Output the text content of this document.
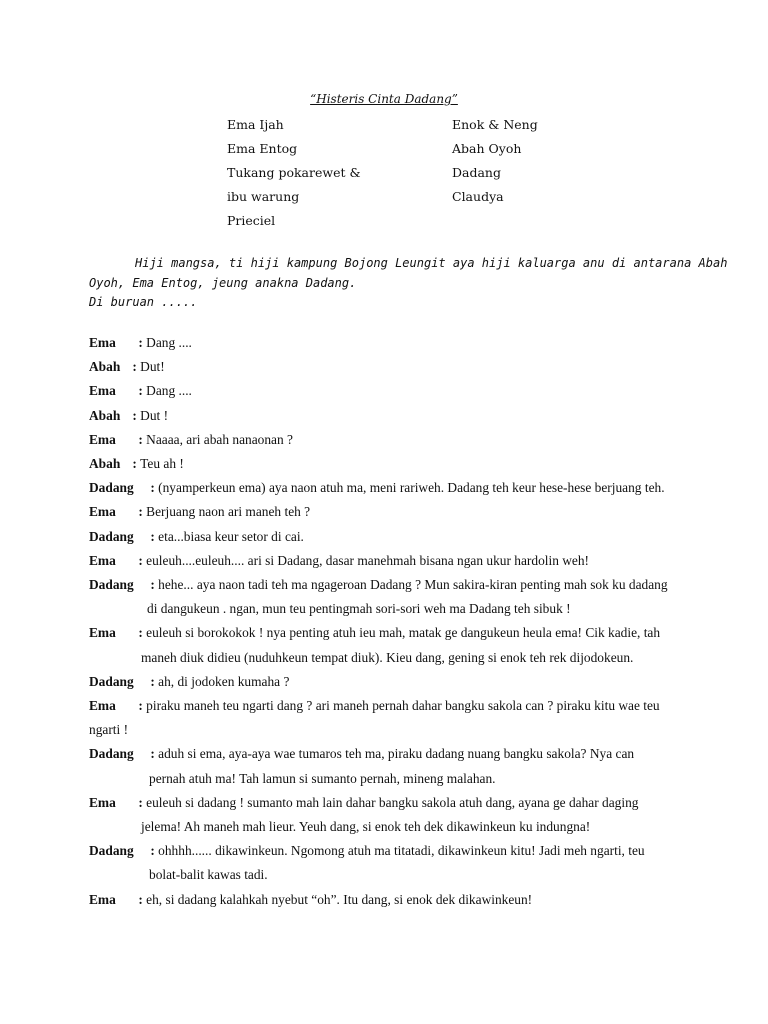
“Histeris Cinta Dadang”
Ema Ijah
Ema Entog
Tukang pokarewet &
ibu warung
Prieciel
Enok & Neng
Abah Oyoh
Dadang
Claudya
Hiji mangsa, ti hiji kampung Bojong Leungit aya hiji kaluarga anu di antarana Abah
Oyoh, Ema Entog, jeung anakna Dadang.
Di buruan .....
Ema : Dang ....
Abah : Dut!
Ema : Dang ....
Abah : Dut !
Ema : Naaaa, ari abah nanaonan ?
Abah : Teu ah !
Dadang : (nyamperkeun ema) aya naon atuh ma, meni rariweh. Dadang teh keur hese-hese berjuang teh.
Ema : Berjuang naon ari maneh teh ?
Dadang : eta...biasa keur setor di cai.
Ema : euleuh....euleuh.... ari si Dadang, dasar manehmah bisana ngan ukur hardolin weh!
Dadang : hehe... aya naon tadi teh ma ngageroan Dadang ? Mun sakira-kiran penting mah sok ku dadang
di dangukeun . ngan, mun teu pentingmah sori-sori weh ma Dadang teh sibuk !
Ema : euleuh si borokokok ! nya penting atuh ieu mah, matak ge dangukeun heula ema! Cik kadie, tah
maneh diuk didieu (nuduhkeun tempat diuk). Kieu dang, gening si enok teh rek dijodokeun.
Dadang : ah, di jodoken kumaha ?
Ema : piraku maneh teu ngarti dang ? ari maneh pernah dahar bangku sakola can ? piraku kitu wae teu
ngarti !
Dadang : aduh si ema, aya-aya wae tumaros teh ma, piraku dadang nuang bangku sakola? Nya can
pernah atuh ma! Tah lamun si sumanto pernah, mineng malahan.
Ema : euleuh si dadang ! sumanto mah lain dahar bangku sakola atuh dang, ayana ge dahar daging
jelema! Ah maneh mah lieur. Yeuh dang, si enok teh dek dikawinkeun ku indungna!
Dadang : ohhhh...... dikawinkeun. Ngomong atuh ma titatadi, dikawinkeun kitu! Jadi meh ngarti, teu
bolat-balit kawas tadi.
Ema : eh, si dadang kalahkah nyebut “oh”. Itu dang, si enok dek dikawinkeun!
